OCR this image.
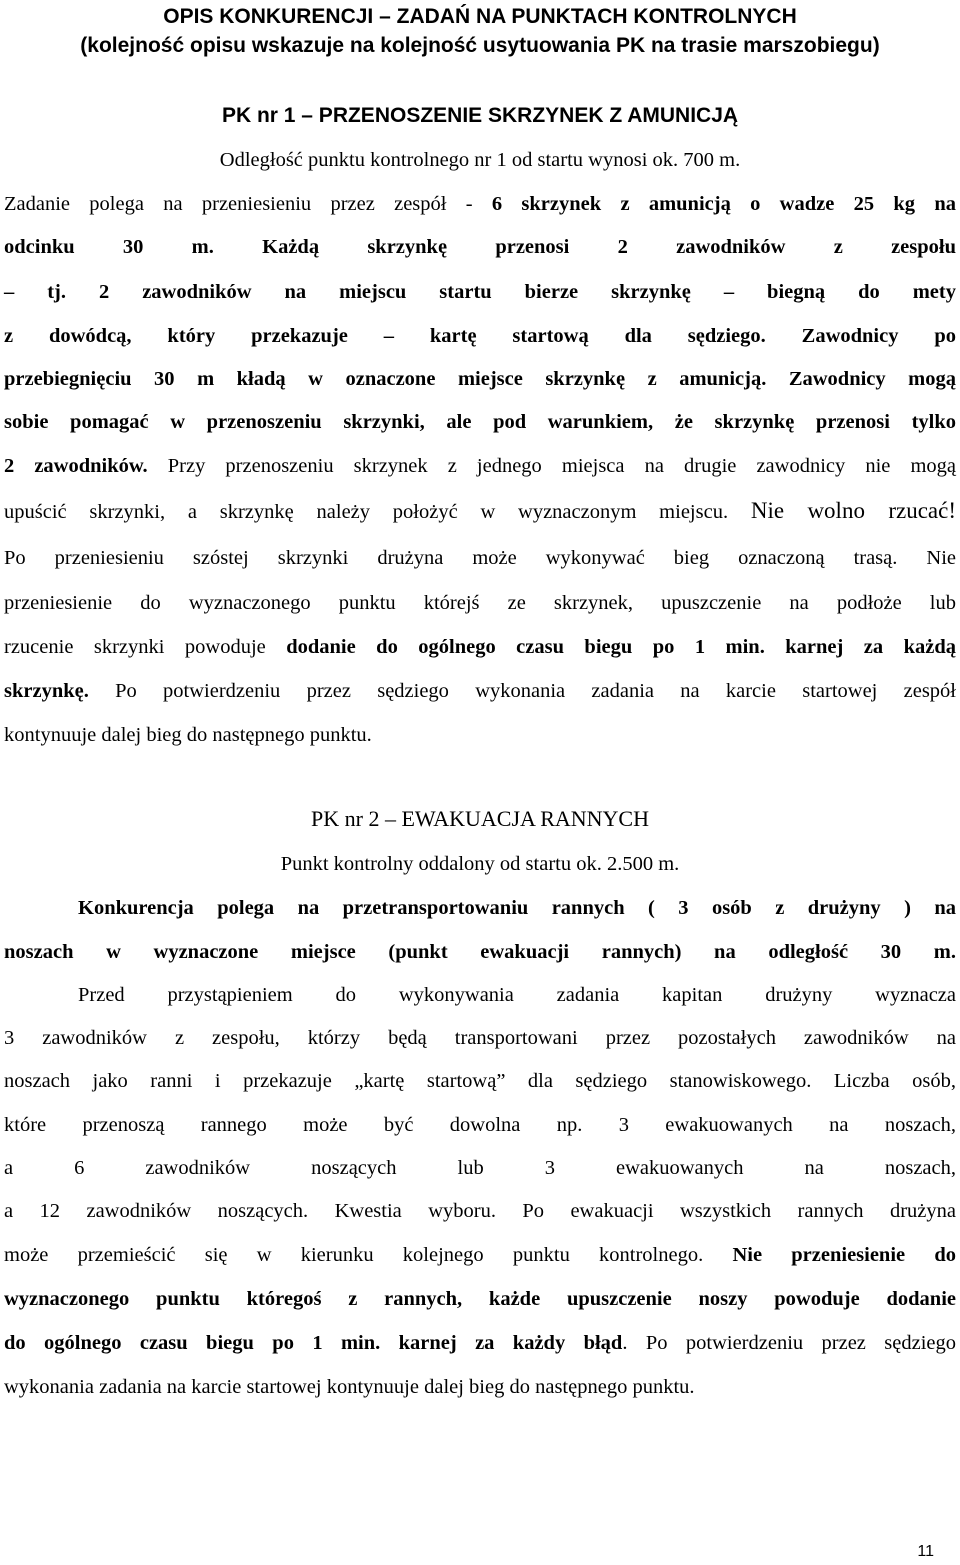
OPIS KONKURENCJI – ZADAŃ NA PUNKTACH KONTROLNYCH
(kolejność opisu wskazuje na kolejność usytuowania PK na trasie marszobiegu)
PK nr 1 – PRZENOSZENIE SKRZYNEK Z AMUNICJĄ
Odległość punktu kontrolnego nr 1 od startu wynosi ok. 700 m.
Zadanie polega na przeniesieniu przez zespół - 6 skrzynek z amunicją o wadze 25 kg na
odcinku 30 m. Każdą skrzynkę przenosi 2 zawodników z zespołu
– tj. 2 zawodników na miejscu startu bierze skrzynkę – biegną do mety
z dowódcą, który przekazuje – kartę startową dla sędziego. Zawodnicy po
przebiegnięciu 30 m kładą w oznaczone miejsce skrzynkę z amunicją. Zawodnicy mogą
sobie pomagać w przenoszeniu skrzynki, ale pod warunkiem, że skrzynkę przenosi tylko
2 zawodników. Przy przenoszeniu skrzynek z jednego miejsca na drugie zawodnicy nie mogą
upuścić skrzynki, a skrzynkę należy położyć w wyznaczonym miejscu. Nie wolno rzucać!
Po przeniesieniu szóstej skrzynki drużyna może wykonywać bieg oznaczoną trasą. Nie
przeniesienie do wyznaczonego punktu którejś ze skrzynek, upuszczenie na podłoże lub
rzucenie skrzynki powoduje dodanie do ogólnego czasu biegu po 1 min. karnej za każdą
skrzynkę. Po potwierdzeniu przez sędziego wykonania zadania na karcie startowej zespół
kontynuuje dalej bieg do następnego punktu.
PK nr 2 – EWAKUACJA RANNYCH
Punkt kontrolny oddalony od startu ok. 2.500 m.
Konkurencja polega na przetransportowaniu rannych ( 3 osób z drużyny ) na
noszach w wyznaczone miejsce (punkt ewakuacji rannych) na odległość 30 m.
Przed przystąpieniem do wykonywania zadania kapitan drużyny wyznacza
3 zawodników z zespołu, którzy będą transportowani przez pozostałych zawodników na
noszach jako ranni i przekazuje „kartę startową” dla sędziego stanowiskowego. Liczba osób,
które przenoszą rannego może być dowolna np. 3 ewakuowanych na noszach,
a 6 zawodników noszących lub 3 ewakuowanych na noszach,
a 12 zawodników noszących. Kwestia wyboru. Po ewakuacji wszystkich rannych drużyna
może przemieścić się w kierunku kolejnego punktu kontrolnego. Nie przeniesienie do
wyznaczonego punktu któregoś z rannych, każde upuszczenie noszy powoduje dodanie
do ogólnego czasu biegu po 1 min. karnej za każdy błąd. Po potwierdzeniu przez sędziego
wykonania zadania na karcie startowej kontynuuje dalej bieg do następnego punktu.
11
